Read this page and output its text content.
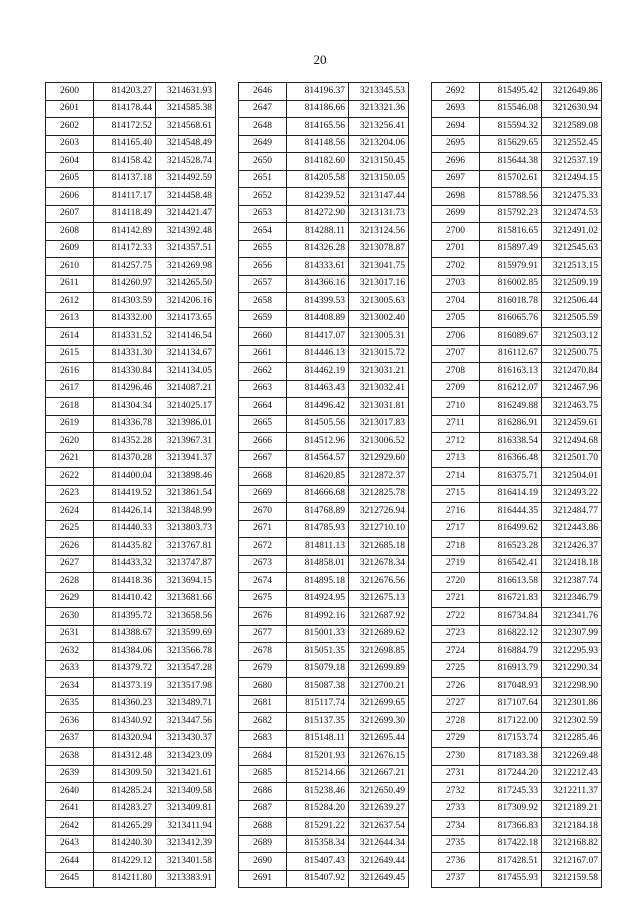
20
2600	814203.27	3214631.93
2601	814178.44	3214585.38
2602	814172.52	3214568.61
2603	814165.40	3214548.49
2604	814158.42	3214528.74
2605	814137.18	3214492.59
2606	814117.17	3214458.48
2607	814118.49	3214421.47
2608	814142.89	3214392.48
2609	814172.33	3214357.51
2610	814257.75	3214269.98
2611	814260.97	3214265.50
2612	814303.59	3214206.16
2613	814332.00	3214173.65
2614	814331.52	3214146.54
2615	814331.30	3214134.67
2616	814330.84	3214134.05
2617	814296.46	3214087.21
2618	814304.34	3214025.17
2619	814336.78	3213986.01
2620	814352.28	3213967.31
2621	814370.28	3213941.37
2622	814400.04	3213898.46
2623	814419.52	3213861.54
2624	814426.14	3213848.99
2625	814440.33	3213803.73
2626	814435.82	3213767.81
2627	814433.32	3213747.87
2628	814418.36	3213694.15
2629	814410.42	3213681.66
2630	814395.72	3213658.56
2631	814388.67	3213599.69
2632	814384.06	3213566.78
2633	814379.72	3213547.28
2634	814373.19	3213517.98
2635	814360.23	3213489.71
2636	814340.92	3213447.56
2637	814320.94	3213430.37
2638	814312.48	3213423.09
2639	814309.50	3213421.61
2640	814285.24	3213409.58
2641	814283.27	3213409.81
2642	814265.29	3213411.94
2643	814240.30	3213412.39
2644	814229.12	3213401.58
2645	814211.80	3213383.91
2646	814196.37	3213345.53
2647	814186.66	3213321.36
2648	814165.56	3213256.41
2649	814148.56	3213204.06
2650	814182.60	3213150.45
2651	814205.58	3213150.05
2652	814239.52	3213147.44
2653	814272.90	3213131.73
2654	814288.11	3213124.56
2655	814326.28	3213078.87
2656	814333.61	3213041.75
2657	814366.16	3213017.16
2658	814399.53	3213005.63
2659	814408.89	3213002.40
2660	814417.07	3213005.31
2661	814446.13	3213015.72
2662	814462.19	3213031.21
2663	814463.43	3213032.41
2664	814496.42	3213031.81
2665	814505.56	3213017.83
2666	814512.96	3213006.52
2667	814564.57	3212929.60
2668	814620.85	3212872.37
2669	814666.68	3212825.78
2670	814768.89	3212726.94
2671	814785.93	3212710.10
2672	814811.13	3212685.18
2673	814858.01	3212678.34
2674	814895.18	3212676.56
2675	814924.95	3212675.13
2676	814992.16	3212687.92
2677	815001.33	3212689.62
2678	815051.35	3212698.85
2679	815079.18	3212699.89
2680	815087.38	3212700.21
2681	815117.74	3212699.65
2682	815137.35	3212699.30
2683	815148.11	3212695.44
2684	815201.93	3212676.15
2685	815214.66	3212667.21
2686	815238.46	3212650.49
2687	815284.20	3212639.27
2688	815291.22	3212637.54
2689	815358.34	3212644.34
2690	815407.43	3212649.44
2691	815407.92	3212649.45
2692	815495.42	3212649.86
2693	815546.08	3212630.94
2694	815594.32	3212589.08
2695	815629.65	3212552.45
2696	815644.38	3212537.19
2697	815702.61	3212494.15
2698	815788.56	3212475.33
2699	815792.23	3212474.53
2700	815816.65	3212491.02
2701	815897.49	3212545.63
2702	815979.91	3212513.15
2703	816002.85	3212509.19
2704	816018.78	3212506.44
2705	816065.76	3212505.59
2706	816089.67	3212503.12
2707	816112.67	3212500.75
2708	816163.13	3212470.84
2709	816212.07	3212467.96
2710	816249.88	3212463.75
2711	816286.91	3212459.61
2712	816338.54	3212494.68
2713	816366.48	3212501.70
2714	816375.71	3212504.01
2715	816414.19	3212493.22
2716	816444.35	3212484.77
2717	816499.62	3212443.86
2718	816523.28	3212426.37
2719	816542.41	3212418.18
2720	816613.58	3212387.74
2721	816721.83	3212346.79
2722	816734.84	3212341.76
2723	816822.12	3212307.99
2724	816884.79	3212295.93
2725	816913.79	3212290.34
2726	817048.93	3212298.90
2727	817107.64	3212301.86
2728	817122.00	3212302.59
2729	817153.74	3212285.46
2730	817183.38	3212269.48
2731	817244.20	3212212.43
2732	817245.33	3212211.37
2733	817309.92	3212189.21
2734	817366.83	3212184.18
2735	817422.18	3212168.82
2736	817428.51	3212167.07
2737	817455.93	3212159.58
